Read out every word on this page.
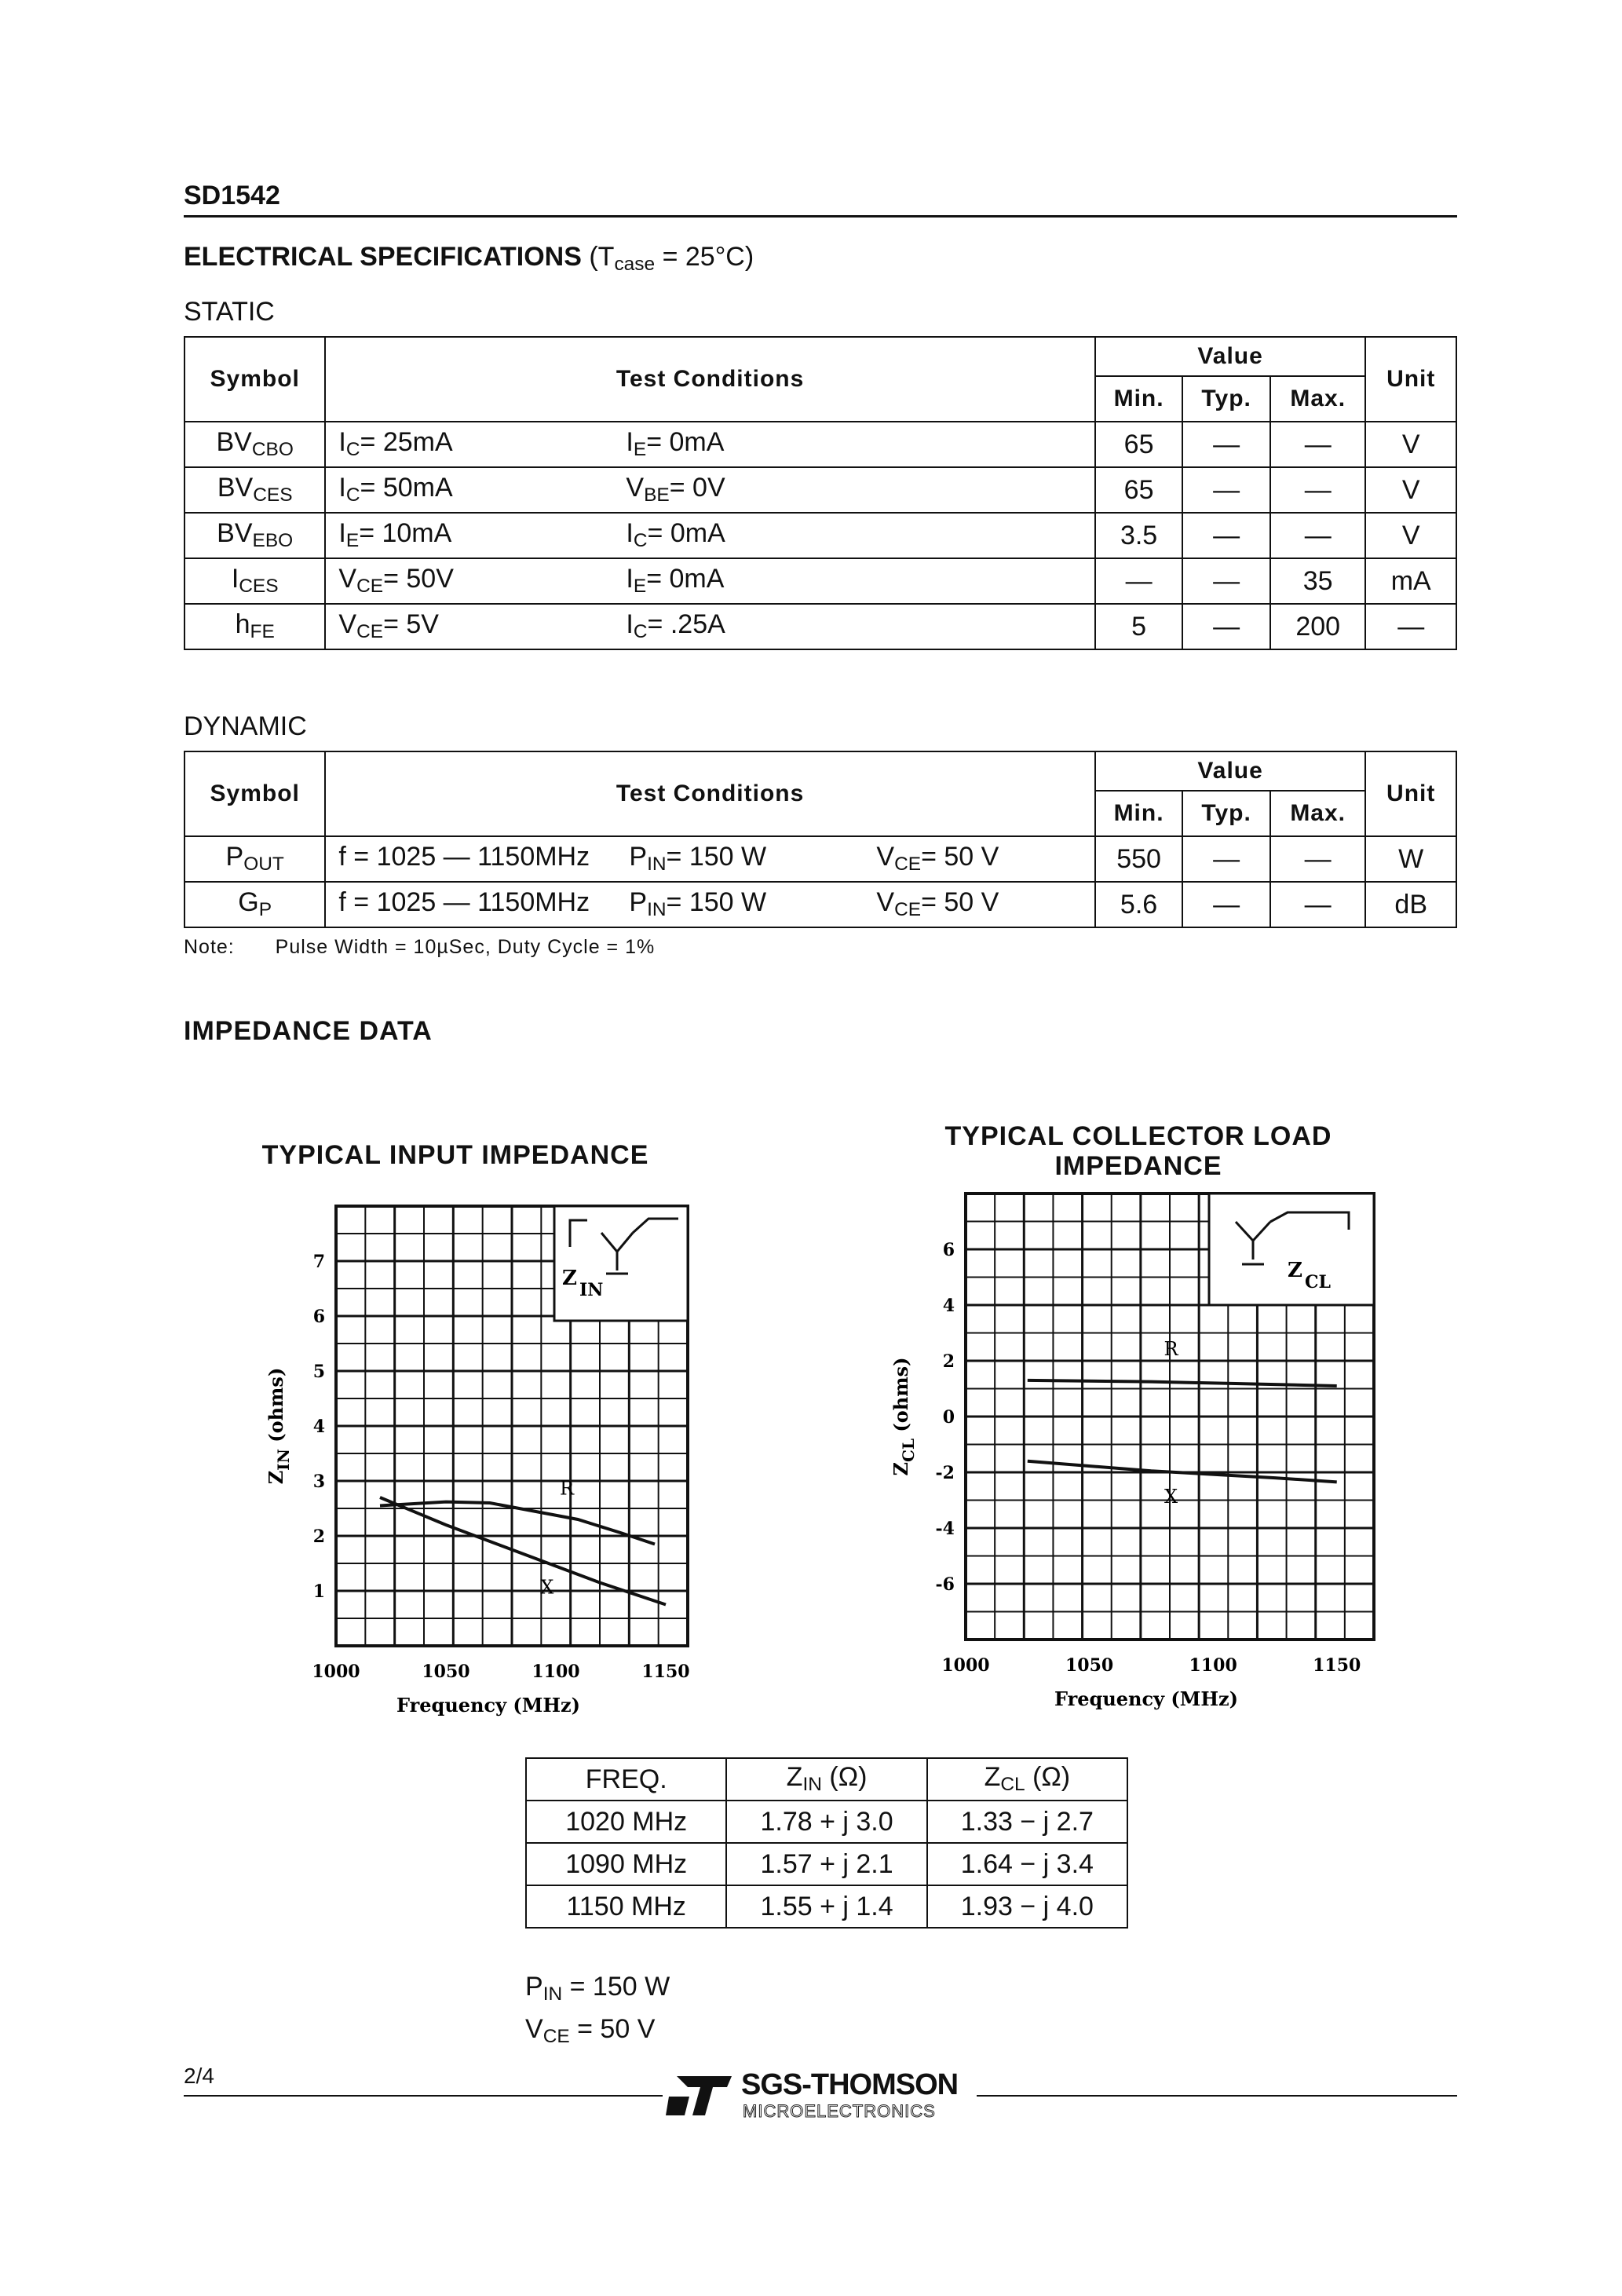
SD1542
ELECTRICAL SPECIFICATIONS $(T_{case} = 25^\circ C)$
STATIC
Symbol	Test Conditions	Value			Unit
		Min.	Typ.	Max.	
$BV_{CBO}$	$I_C= 25mA$ $I_E= 0mA$	65	—	—	V
$BV_{CES}$	$I_C= 50mA$ $V_{BE}= 0V$	65	—	—	V
$BV_{EBO}$	$I_E= 10mA$ $I_C= 0mA$	3.5	—	—	V
$I_{CES}$	$V_{CE}= 50V$ $I_E= 0mA$	—	—	35	mA
$h_{FE}$	$V_{CE}= 5V$ $I_C= .25A$	5	—	200	—
DYNAMIC
Symbol	Test Conditions	Value			Unit
		Min.	Typ.	Max.	
$P_{OUT}$	f = 1025 — 1150MHz $P_{IN}= 150$ W $V_{CE}= 50$ V	550	—	—	W
$G_P$	f = 1025 — 1150MHz $P_{IN}= 150$ W $V_{CE}= 50$ V	5.6	—	—	dB
Note: Pulse Width = 10µSec, Duty Cycle = 1%
IMPEDANCE DATA
TYPICAL INPUT IMPEDANCE
Z IN
1000	1050	1100	1150
1
2
3
4
5
6
7
Frequency (MHz)
$Z_{IN}$ (ohms)
R
X
TYPICAL COLLECTOR LOAD IMPEDANCE
Z CL
1000	1050	1100	1150
6
4
2
0
-2
-4
-6
Frequency (MHz)
$Z_{CL}$ (ohms)
R
X
FREQ.	$Z_{IN}$ (Ω)	$Z_{CL}$ (Ω)
1020 MHz	1.78 + j 3.0	1.33 − j 2.7
1090 MHz	1.57 + j 2.1	1.64 − j 3.4
1150 MHz	1.55 + j 1.4	1.93 − j 4.0
$P_{IN} = 150$ W
$V_{CE} = 50$ V
2/4	SGS-THOMSON
MICROELECTRONICS
